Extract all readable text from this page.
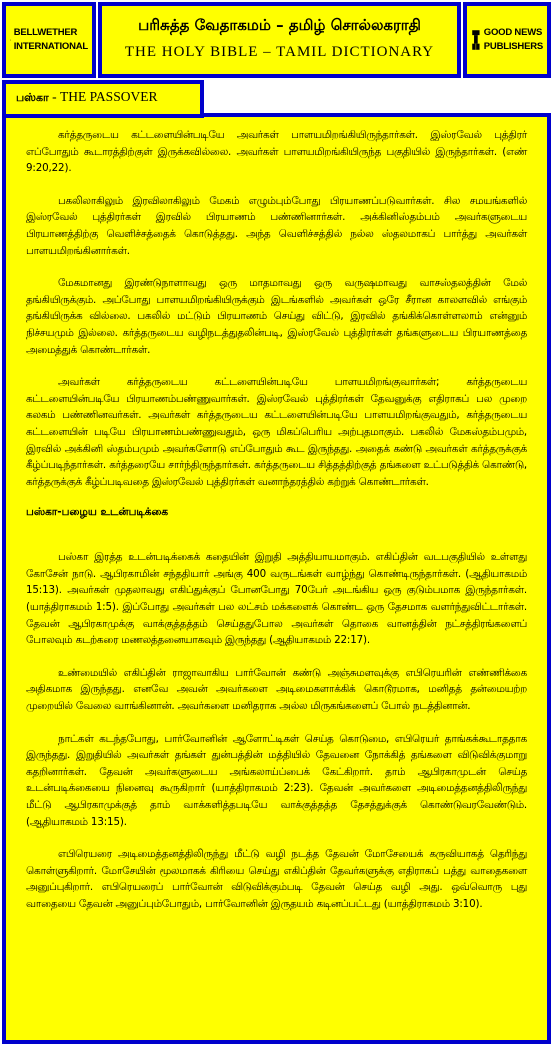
BELLWETHER
INTERNATIONAL
பரிசுத்த வேதாகமம் – தமிழ் சொல்லகராதி
THE HOLY BIBLE – TAMIL DICTIONARY
GOOD NEWS
PUBLISHERS

கர்த்தருடைய கட்டளையின்படியே அவர்கள் பாளயமிறங்கியிருந்தார்கள். இஸ்ரவேல் புத்திரர் எப்போதும் கூடாரத்திற்குள் இருக்கவில்லை. அவர்கள் பாளயமிறங்கியிருந்த பகுதியில் இருந்தார்கள். (எண் 9:20,22).

பகலிலாகிலும் இரவிலாகிலும் மேகம் எழும்பும்போது பிரயாணப்படுவார்கள். சில சமயங்களில் இஸ்ரவேல் புத்திரர்கள் இரவில் பிரயாணம் பண்ணினார்கள். அக்கினிஸ்தம்பம் அவர்களுடைய பிரயாணத்திற்கு வெளிச்சத்தைக் கொடுத்தது. அந்த வெளிச்சத்தில் நல்ல ஸ்தலமாகப் பார்த்து அவர்கள் பாளயமிறங்கினார்கள்.

மேகமானது இரண்டுநாளாவது ஒரு மாதமாவது ஒரு வருஷமாவது வாசஸ்தலத்தின் மேல் தங்கியிருக்கும். அப்போது பாளயமிறங்கியிருக்கும் இடங்களில் அவர்கள் ஒரே சீரான காலளவில் எங்கும் தங்கியிருக்க வில்லை. பகலில் மட்டும் பிரயாணம் செய்து விட்டு, இரவில் தங்கிக்கொள்ளலாம் என்னும் நிச்சயமும் இல்லை. கர்த்தருடைய வழிநடத்துதலின்படி, இஸ்ரவேல் புத்திரர்கள் தங்களுடைய பிரயாணத்தை அமைத்துக் கொண்டார்கள்.

அவர்கள் கர்த்தருடைய கட்டளையின்படியே பாளயமிறங்குவார்கள்; கர்த்தருடைய கட்டளையின்படியே பிரயாணம்பண்ணுவார்கள். இஸ்ரவேல் புத்திரர்கள் தேவனுக்கு எதிராகப் பல முறை கலகம் பண்ணினவர்கள். அவர்கள் கர்த்தருடைய கட்டளையின்படியே பாளயமிறங்குவதும், கர்த்தருடைய கட்டளையின் படியே பிரயாணம்பண்ணுவதும், ஒரு மிகப்பெரிய அற்புதமாகும். பகலில் மேகஸ்தம்பமும், இரவில் அக்கினி ஸ்தம்பமும் அவர்களோடு எப்போதும் கூட இருந்தது. அதைக் கண்டு அவர்கள் கர்த்தருக்குக் கீழ்ப்படிந்தார்கள். கர்த்தரையே சார்ந்திருந்தார்கள். கர்த்தருடைய சித்தத்திற்குத் தங்களை உட்படுத்திக் கொண்டு, கர்த்தருக்குக் கீழ்ப்படிவதை இஸ்ரவேல் புத்திரர்கள் வனாந்தரத்தில் கற்றுக் கொண்டார்கள்.

பஸ்கா-பழைய உடன்படிக்கை

பஸ்கா இரத்த உடன்படிக்கைக் கதையின் இறுதி அத்தியாயமாகும். எகிப்தின் வடபகுதியில் உள்ளது கோசேன் நாடு. ஆபிரகாமின் சந்ததியார் அங்கு 400 வருடங்கள் வாழ்ந்து கொண்டிருந்தார்கள். (ஆதியாகமம் 15:13). அவர்கள் முதலாவது எகிப்துக்குப் போனபோது 70பேர் அடங்கிய ஒரு குடும்பமாக இருந்தார்கள். (யாத்திராகமம் 1:5). இப்போது அவர்கள் பல லட்சம் மக்களைக் கொண்ட ஒரு தேசமாக வளர்ந்துவிட்டார்கள். தேவன் ஆபிரகாமுக்கு வாக்குத்தத்தம் செய்ததுபோல அவர்கள் தொகை வானத்தின் நட்சத்திரங்களைப் போலவும் கடற்கரை மணலத்தனையாகவும் இருந்தது (ஆதியாகமம் 22:17).

உண்மையில் எகிப்தின் ராஜாவாகிய பார்வோன் கண்டு அஞ்சுமளவுக்கு எபிரெயரின் எண்ணிக்கை அதிகமாக இருந்தது. எனவே அவன் அவர்களை அடிமைகளாக்கிக் கொடூரமாக, மனிதத் தன்மையற்ற முறையில் வேலை வாங்கினான். அவர்களை மனிதராக அல்ல மிருகங்களைப் போல் நடத்தினான்.

நாட்கள் கடந்தபோது, பார்வோனின் ஆளோட்டிகள் செய்த கொடுமை, எபிரெயர் தாங்கக்கூடாததாக இருந்தது. இறுதியில் அவர்கள் தங்கள் துன்பத்தின் மத்தியில் தேவனை நோக்கித் தங்களை விடுவிக்குமாறு கதறினார்கள். தேவன் அவர்களுடைய அங்கலாய்ப்பைக் கேட்கிறார். தாம் ஆபிரகாமுடன் செய்த உடன்படிக்கையை நினைவு கூருகிறார் (யாத்திராகமம் 2:23). தேவன் அவர்களை அடிமைத்தனத்திலிருந்து மீட்டு ஆபிரகாமுக்குத் தாம் வாக்களித்தபடியே வாக்குத்தத்த தேசத்துக்குக் கொண்டுவரவேண்டும். (ஆதியாகமம் 13:15).

எபிரெயரை அடிமைத்தனத்திலிருந்து மீட்டு வழி நடத்த தேவன் மோசேயைக் கருவியாகத் தெரிந்து கொள்ளுகிறார். மோசேயின் மூலமாகக் கிரியை செய்து எகிப்தின் தேவர்களுக்கு எதிராகப் பத்து வாதைகளை அனுப்புகிறார். எபிரெயரைப் பார்வோன் விடுவிக்கும்படி தேவன் செய்த வழி அது. ஒவ்வொரு புது வாதையை தேவன் அனுப்பும்போதும், பார்வோனின் இருதயம் கடினப்பட்டது (யாத்திராகமம் 3:10).

பஸ்கா - THE PASSOVER
